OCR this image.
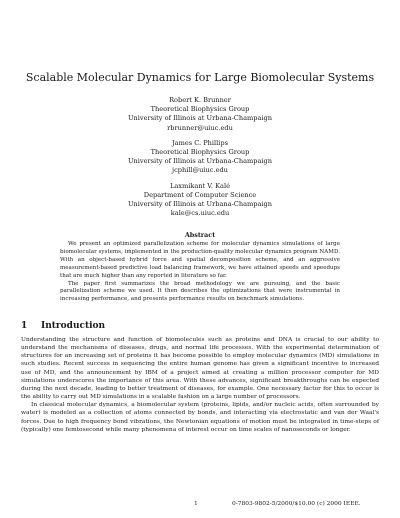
Scalable Molecular Dynamics for Large Biomolecular Systems
Robert K. Brunner
Theoretical Biophysics Group
University of Illinois at Urbana-Champaign
rbrunner@uiuc.edu
James C. Phillips
Theoretical Biophysics Group
University of Illinois at Urbana-Champaign
jcphill@uiuc.edu
Laxmikant V. Kalé
Department of Computer Science
University of Illinois at Urbana-Champaign
kale@cs.uiuc.edu
Abstract

We present an optimized parallelization scheme for molecular dynamics simulations of large biomolecular systems, implemented in the production-quality molecular dynamics program NAMD. With an object-based hybrid force and spatial decomposition scheme, and an aggressive measurement-based predictive load balancing framework, we have attained speeds and speedups that are much higher than any reported in literature so far.

The paper first summarizes the broad methodology we are pursuing, and the basic parallelization scheme we used. It then describes the optimizations that were instrumental in increasing performance, and presents performance results on benchmark simulations.

1 Introduction

Understanding the structure and function of biomolecules such as proteins and DNA is crucial to our ability to understand the mechanisms of diseases, drugs, and normal life processes. With the experimental determination of structures for an increasing set of proteins it has become possible to employ molecular dynamics (MD) simulations in such studies. Recent success in sequencing the entire human genome has given a significant incentive to increased use of MD, and the announcement by IBM of a project aimed at creating a million processor computer for MD simulations underscores the importance of this area. With these advances, significant breakthroughs can be expected during the next decade, leading to better treatment of diseases, for example. One necessary factor for this to occur is the ability to carry out MD simulations in a scalable fashion on a large number of processors.

In classical molecular dynamics, a biomolecular system (proteins, lipids, and/or nucleic acids, often surrounded by water) is modeled as a collection of atoms connected by bonds, and interacting via electrostatic and van der Waal's forces. Due to high frequency bond vibrations, the Newtonian equations of motion must be integrated in time-steps of (typically) one femtosecond while many phenomena of interest occur on time scales of nanoseconds or longer.

1	0-7803-9802-5/2000/$10.00 (c) 2000 IEEE.
